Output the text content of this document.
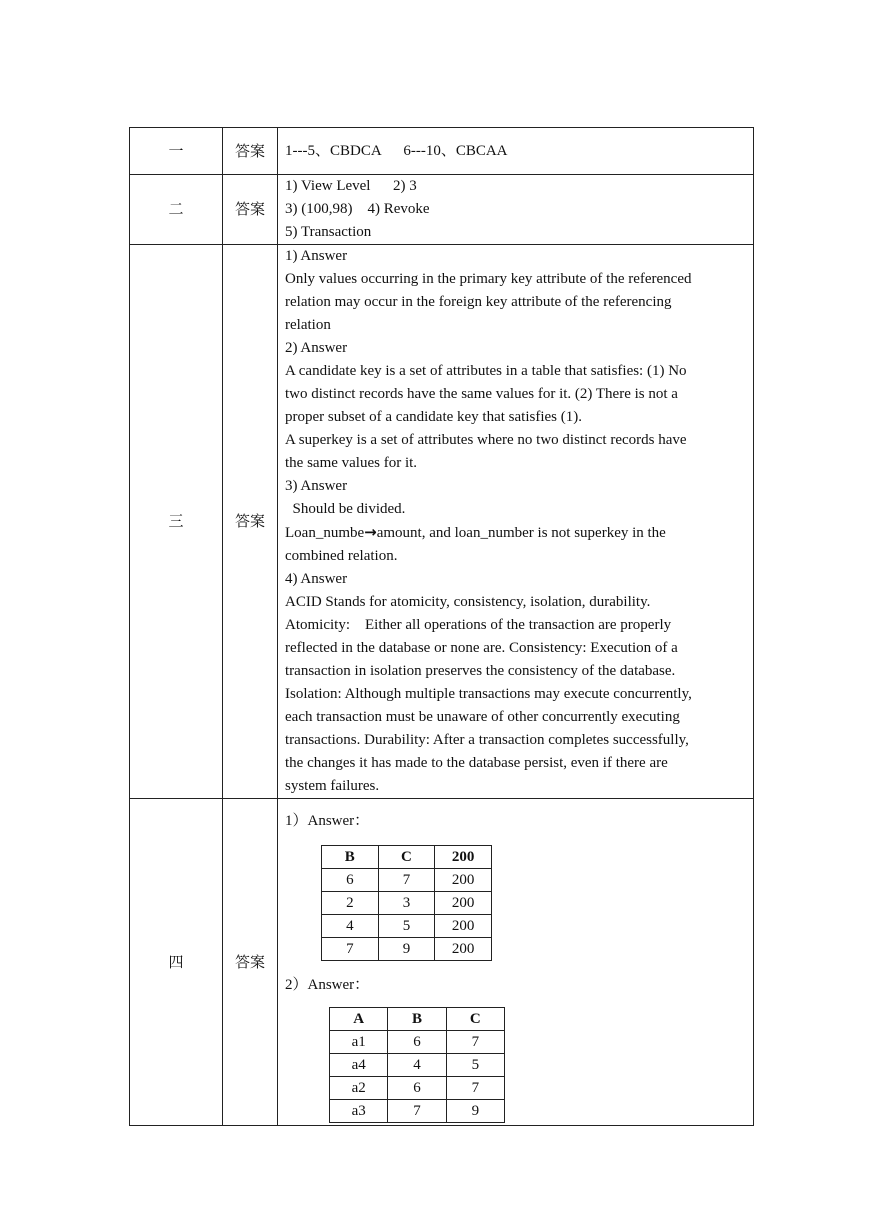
一	答案	1---5、CBDCA      6---10、CBCAA

二	答案	
1) View Level      2) 3
3) (100,98)    4) Revoke
5) Transaction

三	答案	
1) Answer
Only values occurring in the primary key attribute of the referenced
relation may occur in the foreign key attribute of the referencing
relation
2) Answer
A candidate key is a set of attributes in a table that satisfies: (1) No
two distinct records have the same values for it. (2) There is not a
proper subset of a candidate key that satisfies (1).
A superkey is a set of attributes where no two distinct records have
the same values for it.
3) Answer
Should be divided.
Loan_numbe→amount, and loan_number is not superkey in the
combined relation.
4) Answer
ACID Stands for atomicity, consistency, isolation, durability.
Atomicity:    Either all operations of the transaction are properly
reflected in the database or none are. Consistency: Execution of a
transaction in isolation preserves the consistency of the database.
Isolation: Although multiple transactions may execute concurrently,
each transaction must be unaware of other concurrently executing
transactions. Durability: After a transaction completes successfully,
the changes it has made to the database persist, even if there are
system failures.

四	答案	
1）Answer：
B	C	200
6	7	200
2	3	200
4	5	200
7	9	200
2）Answer：
A	B	C
a1	6	7
a4	4	5
a2	6	7
a3	7	9
